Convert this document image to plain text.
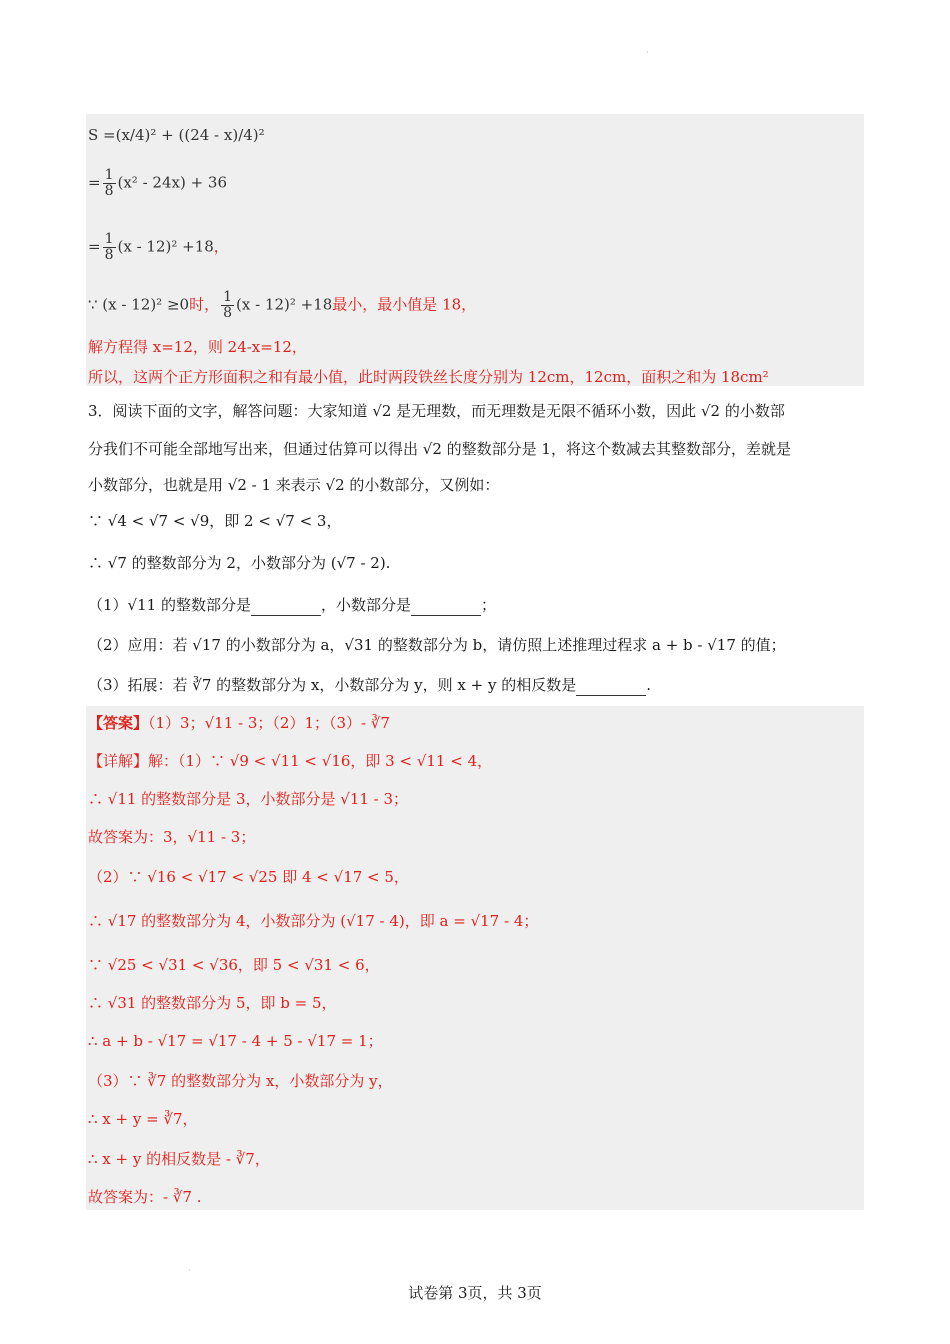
·
S =(x/4)² + ((24 - x)/4)²
= $\frac{1}{8} (x^2 - 24x) + 36$
= $\frac{1}{8} (x - 12)^2 +18$，
∵ (x - 12)² ≥0时， $\frac{1}{8} (x - 12)^2 +18$最小，最小值是 18，
解方程得 x=12，则 24-x=12，
所以，这两个正方形面积之和有最小值，此时两段铁丝长度分别为 12cm，12cm，面积之和为 18cm²
3．阅读下面的文字，解答问题：大家知道 √2 是无理数，而无理数是无限不循环小数，因此 √2 的小数部
分我们不可能全部地写出来，但通过估算可以得出 √2 的整数部分是 1，将这个数减去其整数部分，差就是
小数部分，也就是用 √2 - 1 来表示 √2 的小数部分，又例如：
∵ √4 < √7 < √9，即 2 < √7 < 3，
∴ √7 的整数部分为 2，小数部分为 (√7 - 2).
（1）√11 的整数部分是	，小数部分是	；
（2）应用：若 √17 的小数部分为 a，√31 的整数部分为 b，请仿照上述推理过程求 a + b - √17 的值；
（3）拓展：若 ∛7 的整数部分为 x，小数部分为 y，则 x + y 的相反数是	.
【答案】（1）3；√11 - 3；（2）1；（3）- ∛7
【详解】解：（1）∵ √9 < √11 < √16，即 3 < √11 < 4，
∴ √11 的整数部分是 3，小数部分是 √11 - 3；
故答案为：3，√11 - 3；
（2）∵ √16 < √17 < √25 即 4 < √17 < 5，
∴ √17 的整数部分为 4，小数部分为 (√17 - 4)，即 a = √17 - 4；
∵ √25 < √31 < √36，即 5 < √31 < 6，
∴ √31 的整数部分为 5，即 b = 5，
∴ a + b - √17 = √17 - 4 + 5 - √17 = 1；
（3）∵ ∛7 的整数部分为 x，小数部分为 y，
∴ x + y = ∛7，
∴ x + y 的相反数是 - ∛7，
故答案为：- ∛7 .
·
试卷第 3页，共 3页
